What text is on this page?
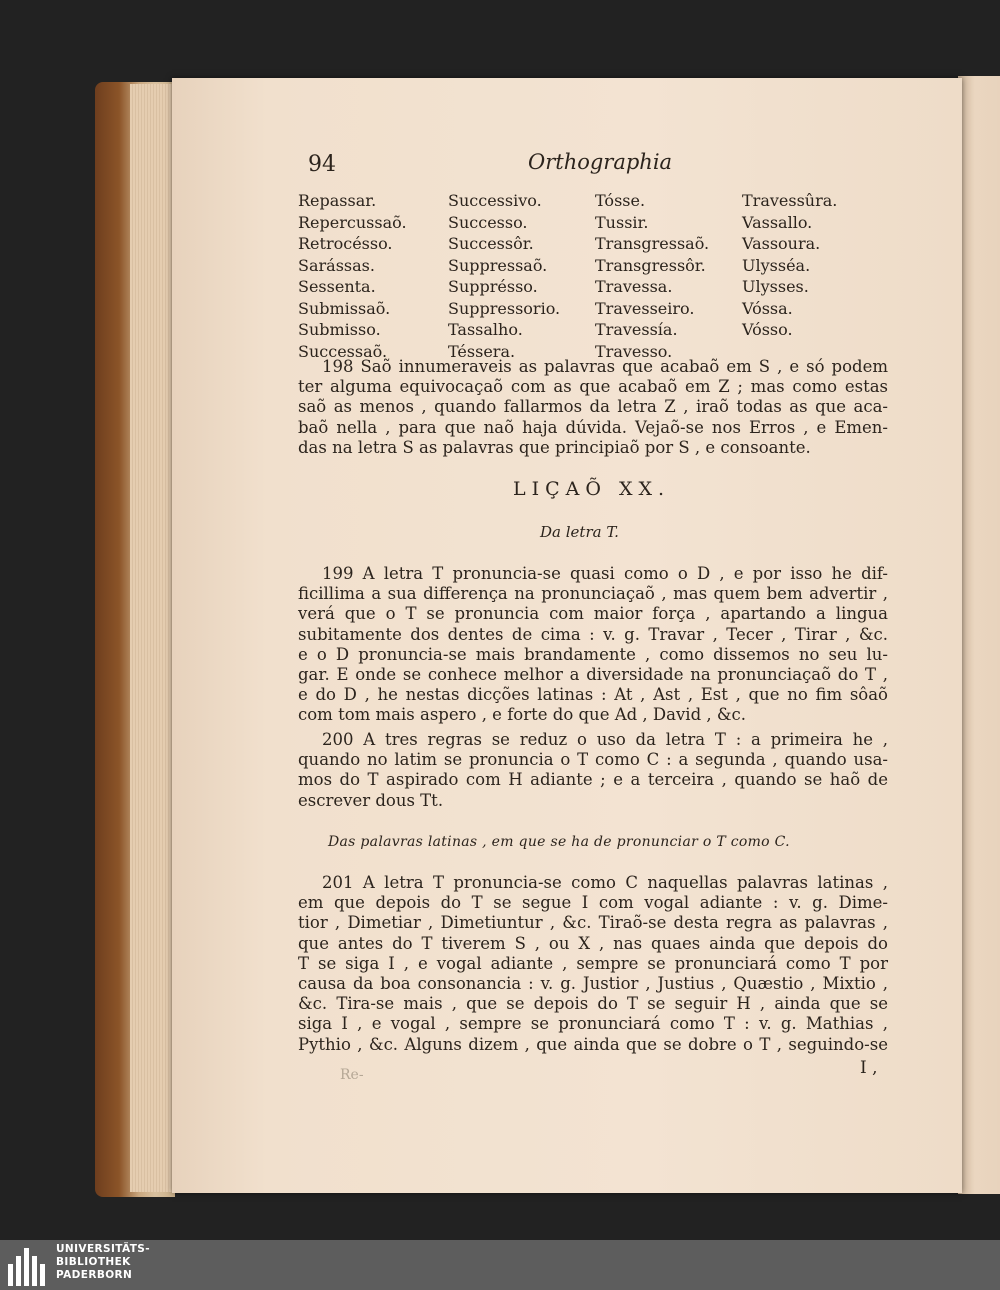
94	Orthographia
Repassar.
Repercussaõ.
Retrocésso.
Sarássas.
Sessenta.
Submissaõ.
Submisso.
Successaõ.
Successivo.
Successo.
Successôr.
Suppressaõ.
Supprésso.
Suppressorio.
Tassalho.
Téssera.
Tósse.
Tussir.
Transgressaõ.
Transgressôr.
Travessa.
Travesseiro.
Travessía.
Travesso.
Travessûra.
Vassallo.
Vassoura.
Ulysséa.
Ulysses.
Vóssa.
Vósso.
198 Saõ innumeraveis as palavras que acabaõ em S , e só podem
ter alguma equivocaçaõ com as que acabaõ em Z ; mas como estas
saõ as menos , quando fallarmos da letra Z , iraõ todas as que aca-
baõ nella , para que naõ haja dúvida. Vejaõ-se nos Erros , e Emen-
das na letra S as palavras que principiaõ por S , e consoante.
LIÇAÕ XX.
Da letra T.
199 A letra T pronuncia-se quasi como o D , e por isso he dif-
ficillima a sua differença na pronunciaçaõ , mas quem bem advertir ,
verá que o T se pronuncia com maior força , apartando a lingua
subitamente dos dentes de cima : v. g. Travar , Tecer , Tirar , &c.
e o D pronuncia-se mais brandamente , como dissemos no seu lu-
gar. E onde se conhece melhor a diversidade na pronunciaçaõ do T ,
e do D , he nestas dicções latinas : At , Ast , Est , que no fim sôaõ
com tom mais aspero , e forte do que Ad , David , &c.
200 A tres regras se reduz o uso da letra T : a primeira he ,
quando no latim se pronuncia o T como C : a segunda , quando usa-
mos do T aspirado com H adiante ; e a terceira , quando se haõ de
escrever dous Tt.
Das palavras latinas , em que se ha de pronunciar o T como C.
201 A letra T pronuncia-se como C naquellas palavras latinas ,
em que depois do T se segue I com vogal adiante : v. g. Dime-
tior , Dimetiar , Dimetiuntur , &c. Tiraõ-se desta regra as palavras ,
que antes do T tiverem S , ou X , nas quaes ainda que depois do
T se siga I , e vogal adiante , sempre se pronunciará como T por
causa da boa consonancia : v. g. Justior , Justius , Quæstio , Mixtio ,
&c. Tira-se mais , que se depois do T se seguir H , ainda que se
siga I , e vogal , sempre se pronunciará como T : v. g. Mathias ,
Pythio , &c. Alguns dizem , que ainda que se dobre o T , seguindo-se
Re-	I ,
UNIVERSITÄTS-
BIBLIOTHEK
PADERBORN
